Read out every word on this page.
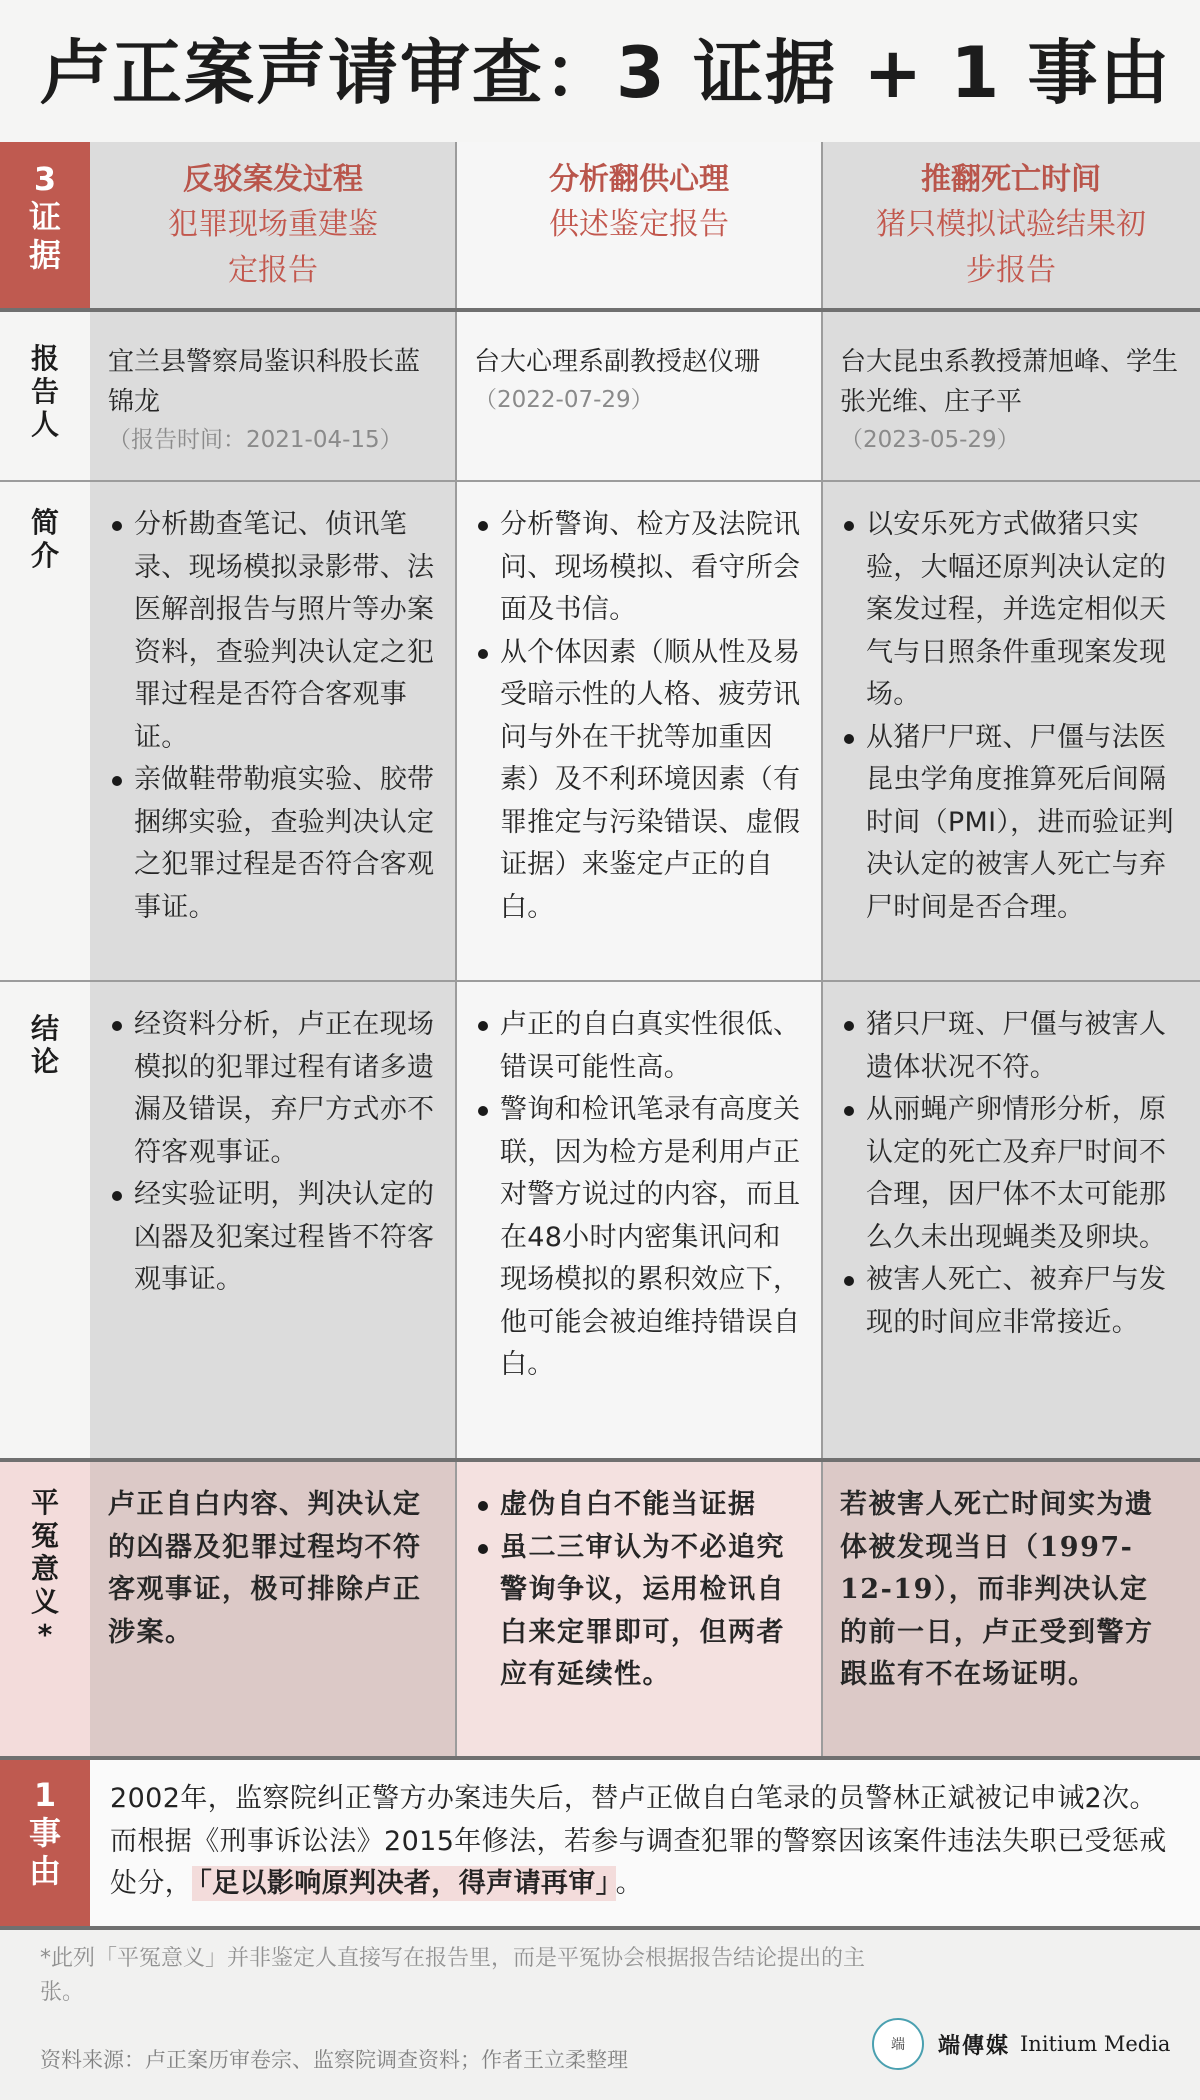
卢正案声请审查：3 证据 + 1 事由
3证据
反驳案发过程
犯罪现场重建鉴定报告
分析翻供心理
供述鉴定报告
推翻死亡时间
猪只模拟试验结果初步报告
报告人
宜兰县警察局鉴识科股长蓝锦龙
（报告时间：2021-04-15）
台大心理系副教授赵仪珊
（2022-07-29）
台大昆虫系教授萧旭峰、学生张光维、庄子平
（2023-05-29）
简介
分析勘查笔记、侦讯笔录、现场模拟录影带、法医解剖报告与照片等办案资料，查验判决认定之犯罪过程是否符合客观事证。
亲做鞋带勒痕实验、胶带捆绑实验，查验判决认定之犯罪过程是否符合客观事证。
分析警询、检方及法院讯问、现场模拟、看守所会面及书信。
从个体因素（顺从性及易受暗示性的人格、疲劳讯问与外在干扰等加重因素）及不利环境因素（有罪推定与污染错误、虚假证据）来鉴定卢正的自白。
以安乐死方式做猪只实验，大幅还原判决认定的案发过程，并选定相似天气与日照条件重现案发现场。
从猪尸尸斑、尸僵与法医昆虫学角度推算死后间隔时间（PMI），进而验证判决认定的被害人死亡与弃尸时间是否合理。
结论
经资料分析，卢正在现场模拟的犯罪过程有诸多遗漏及错误，弃尸方式亦不符客观事证。
经实验证明，判决认定的凶器及犯案过程皆不符客观事证。
卢正的自白真实性很低、错误可能性高。
警询和检讯笔录有高度关联，因为检方是利用卢正对警方说过的内容，而且在48小时内密集讯问和现场模拟的累积效应下，他可能会被迫维持错误自白。
猪只尸斑、尸僵与被害人遗体状况不符。
从丽蝇产卵情形分析，原认定的死亡及弃尸时间不合理，因尸体不太可能那么久未出现蝇类及卵块。
被害人死亡、被弃尸与发现的时间应非常接近。
平冤意义*
卢正自白内容、判决认定的凶器及犯罪过程均不符客观事证，极可排除卢正涉案。
虚伪自白不能当证据
虽二三审认为不必追究警询争议，运用检讯自白来定罪即可，但两者应有延续性。
若被害人死亡时间实为遗体被发现当日（1997-12-19），而非判决认定的前一日，卢正受到警方跟监有不在场证明。
1事由
2002年，监察院纠正警方办案违失后，替卢正做自白笔录的员警林正斌被记申诫2次。而根据《刑事诉讼法》2015年修法，若参与调查犯罪的警察因该案件违法失职已受惩戒处分， 「足以影响原判决者，得声请再审」 。
*此列「平冤意义」并非鉴定人直接写在报告里，而是平冤协会根据报告结论提出的主张。
资料来源：卢正案历审卷宗、监察院调查资料；作者王立柔整理
端	端傳媒 Initium Media
